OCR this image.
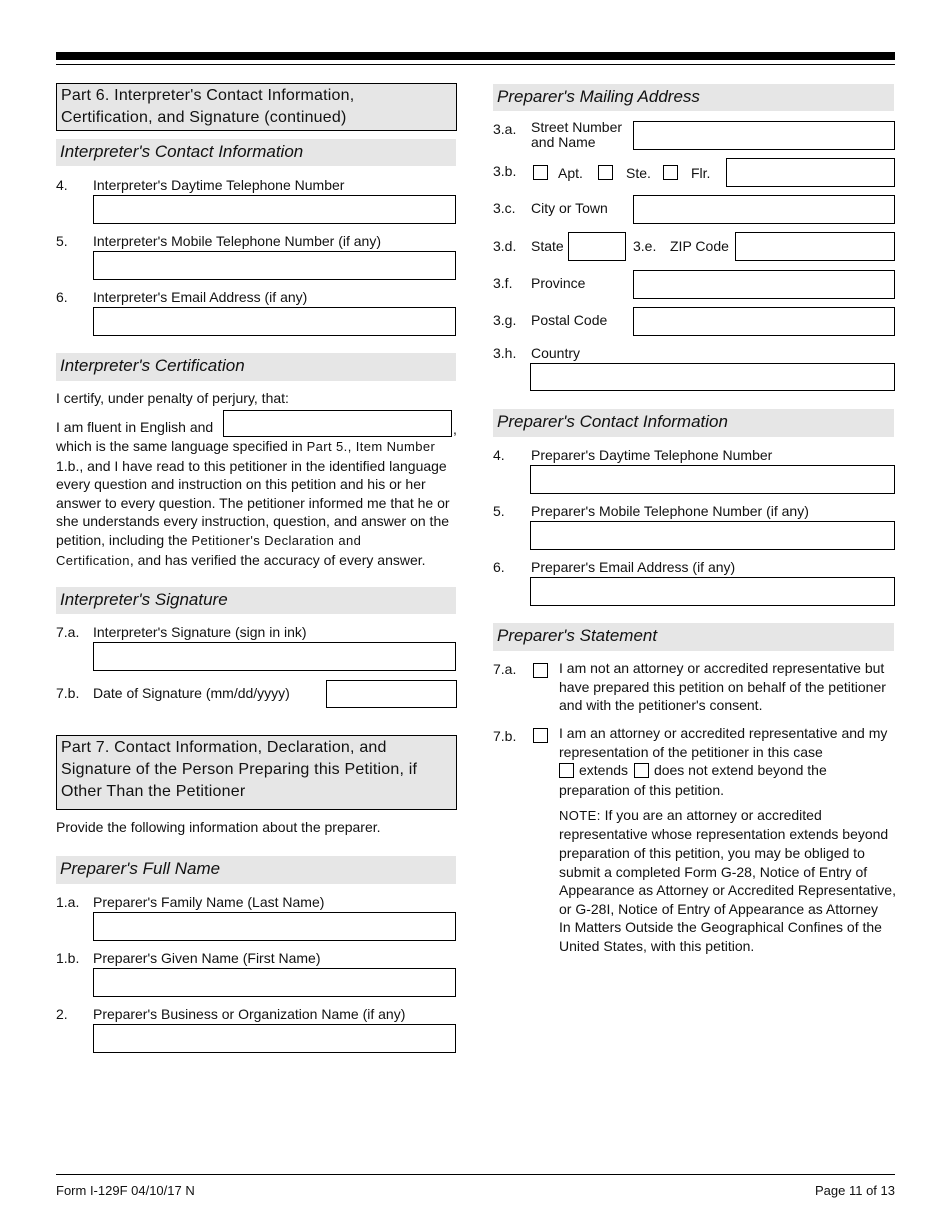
Part 6. Interpreter's Contact Information,
Certification, and Signature (continued)
Interpreter's Contact Information
4. Interpreter's Daytime Telephone Number
5. Interpreter's Mobile Telephone Number (if any)
6. Interpreter's Email Address (if any)
Interpreter's Certification
I certify, under penalty of perjury, that:
I am fluent in English and	,
which is the same language specified in Part 5., Item Number
1.b., and I have read to this petitioner in the identified language
every question and instruction on this petition and his or her
answer to every question. The petitioner informed me that he or
she understands every instruction, question, and answer on the
petition, including the Petitioner's Declaration and
Certification, and has verified the accuracy of every answer.
Interpreter's Signature
7.a. Interpreter's Signature (sign in ink)
7.b. Date of Signature (mm/dd/yyyy)
Part 7. Contact Information, Declaration, and
Signature of the Person Preparing this Petition, if
Other Than the Petitioner
Provide the following information about the preparer.
Preparer's Full Name
1.a. Preparer's Family Name (Last Name)
1.b. Preparer's Given Name (First Name)
2. Preparer's Business or Organization Name (if any)
Preparer's Mailing Address
3.a. Street Number
and Name
3.b.	Apt.	Ste.	Flr.
3.c. City or Town
3.d. State	3.e. ZIP Code
3.f. Province
3.g. Postal Code
3.h. Country
Preparer's Contact Information
4. Preparer's Daytime Telephone Number
5. Preparer's Mobile Telephone Number (if any)
6. Preparer's Email Address (if any)
Preparer's Statement
7.a.	I am not an attorney or accredited representative but
have prepared this petition on behalf of the petitioner
and with the petitioner's consent.
7.b.	I am an attorney or accredited representative and my
representation of the petitioner in this case
extends does not extend beyond the
preparation of this petition.
NOTE: If you are an attorney or accredited
representative whose representation extends beyond
preparation of this petition, you may be obliged to
submit a completed Form G-28, Notice of Entry of
Appearance as Attorney or Accredited Representative,
or G-28I, Notice of Entry of Appearance as Attorney
In Matters Outside the Geographical Confines of the
United States, with this petition.
Form I-129F 04/10/17 N	Page 11 of 13
